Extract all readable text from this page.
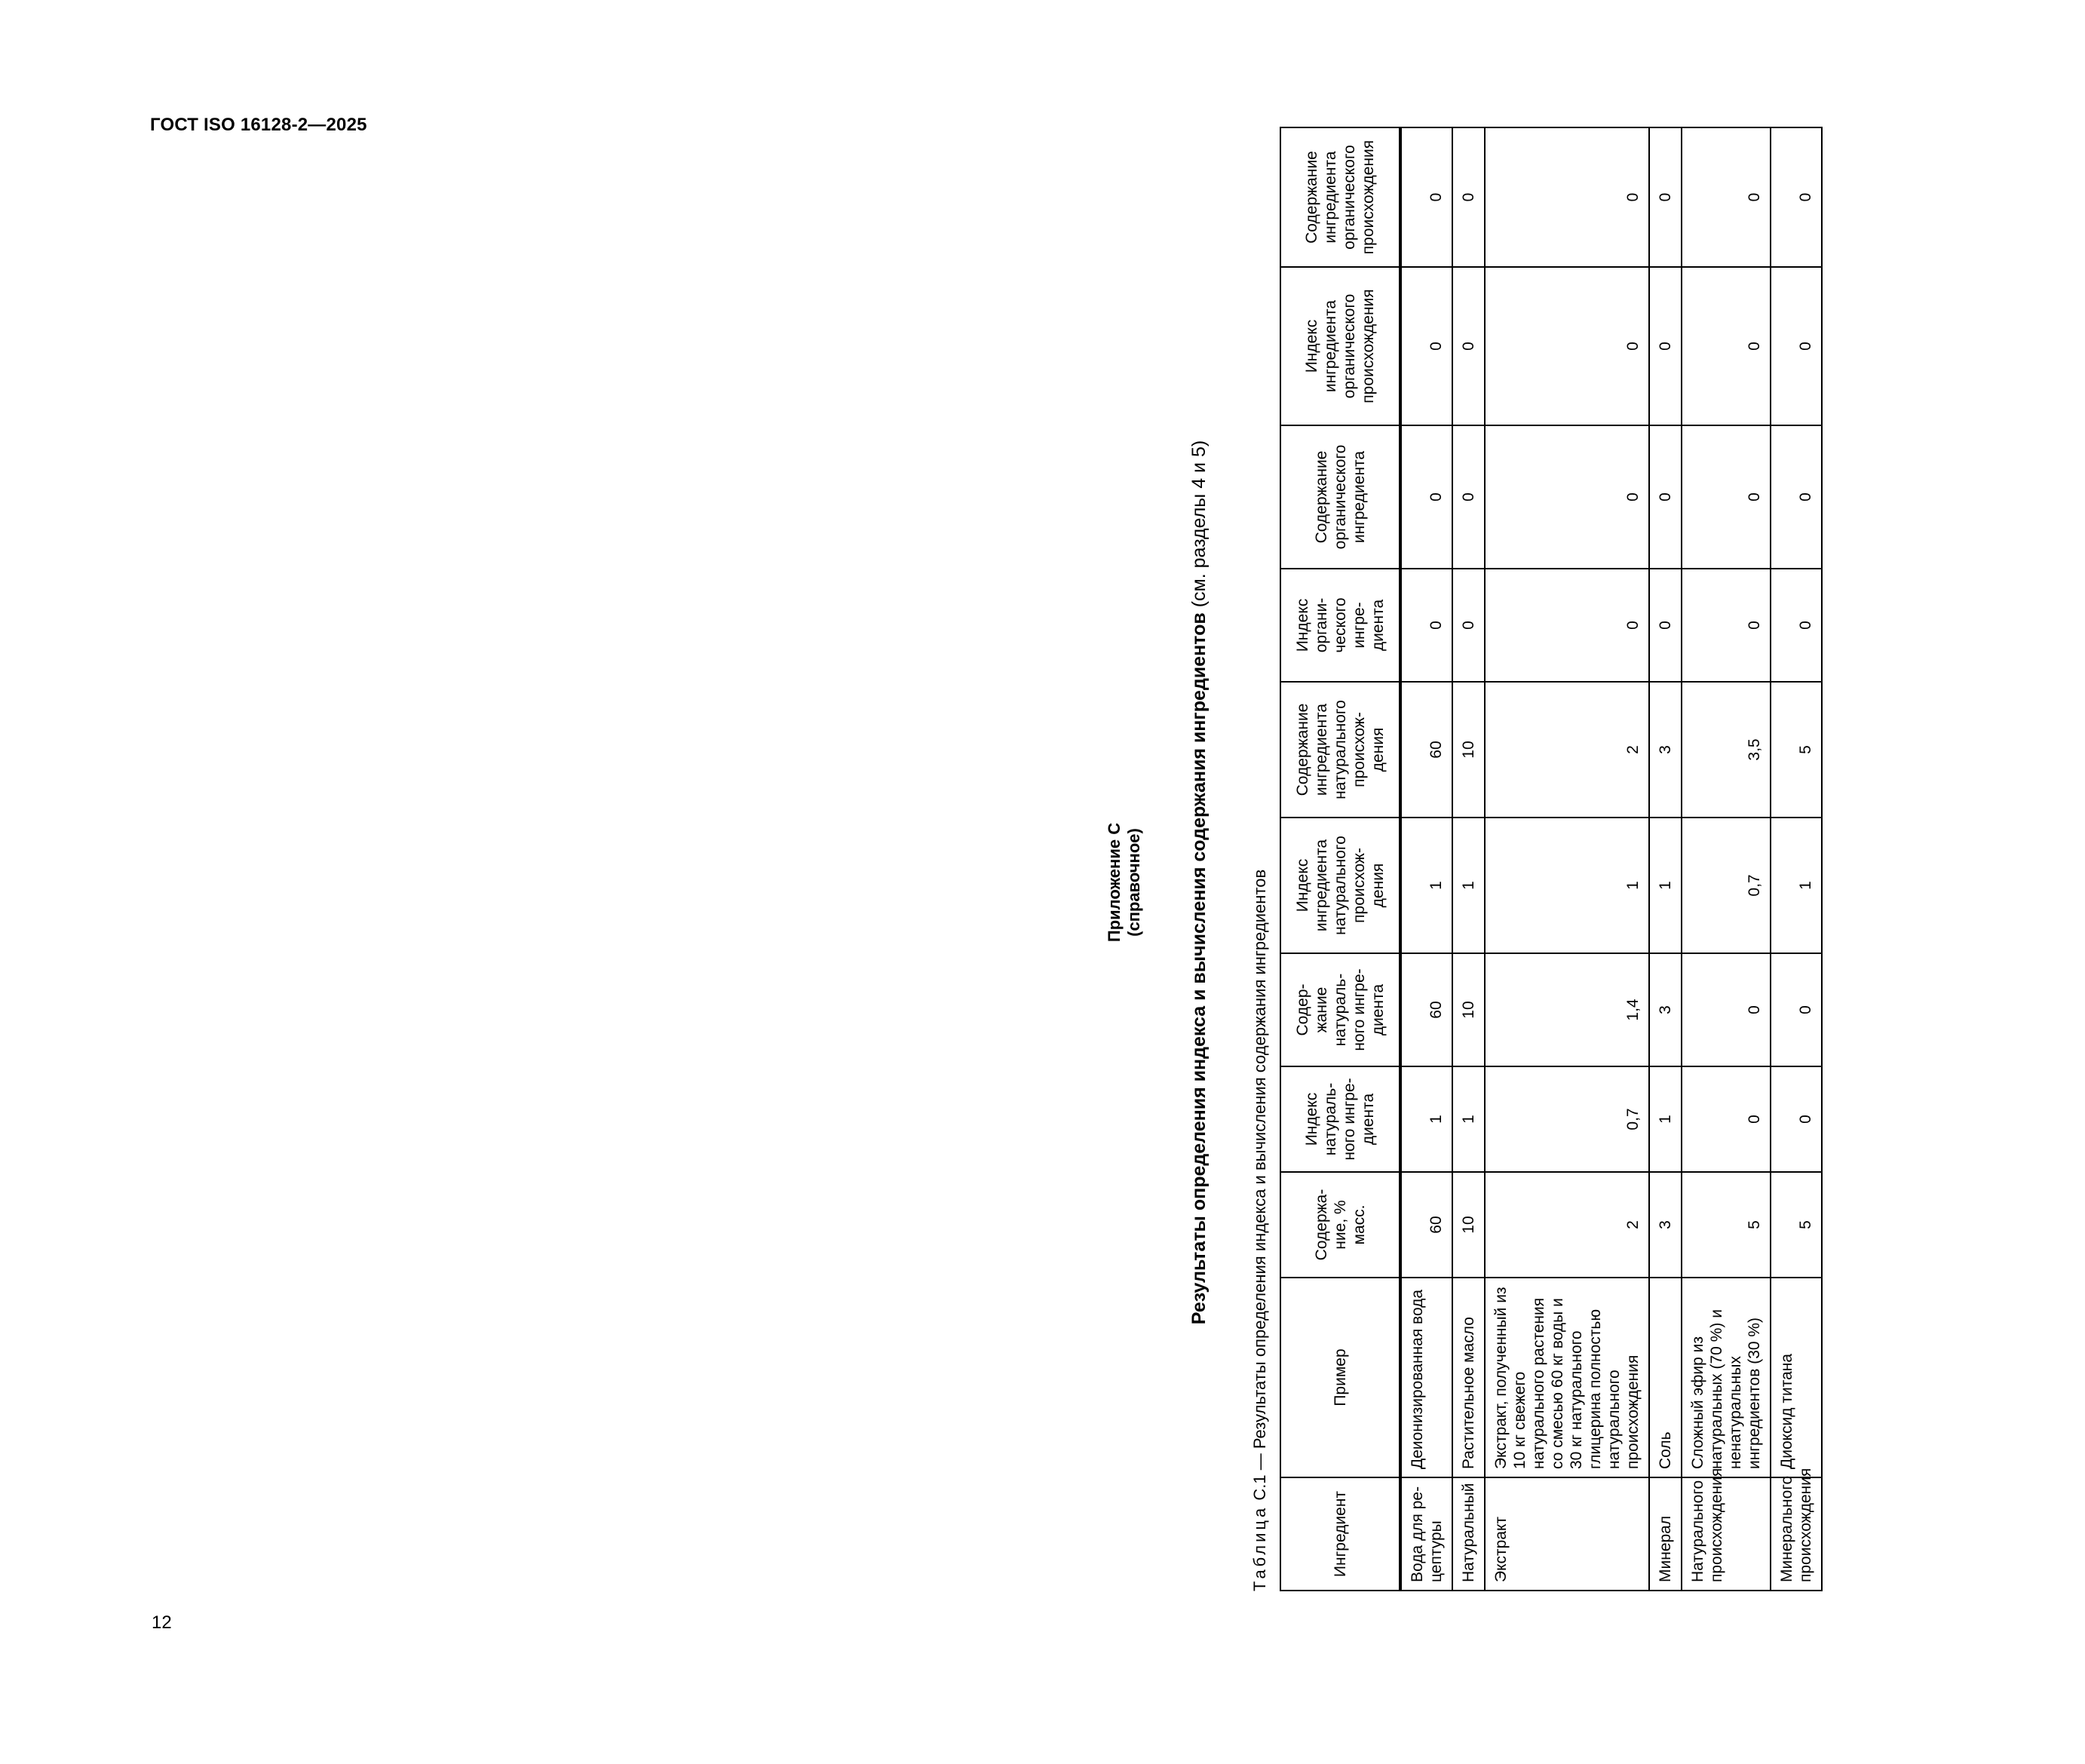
ГОСТ ISO 16128-2—2025
12
Приложение С (справочное) Результаты определения индекса и вычисления содержания ингредиентов (см. разделы 4 и 5)
Таблица С.1 — Результаты определения индекса и вычисления содержания ингредиентов
Ингредиент	Пример	Содержа-ние, % масс.	Индекс натураль-ного ингре-диента	Содер-жание натураль-ного ингре-диента	Индекс ингредиента натурального происхож-дения	Содержание ингредиента натурального происхож-дения	Индекс органи-ческого ингре-диента	Содержание органического ингредиента	Индекс ингредиента органического происхождения	Содержание ингредиента органического происхождения
Вода для ре-цептуры	Деионизированная вода	60	1	60	1	60	0	0	0	0
Натуральный	Растительное масло	10	1	10	1	10	0	0	0	0
Экстракт	Экстракт, полученный из 10 кг свежего натурального растения со смесью 60 кг воды и 30 кг натурального глицерина полностью натурального происхождения	2	0,7	1,4	1	2	0	0	0	0
Минерал	Соль	3	1	3	1	3	0	0	0	0
Натурального происхождения	Сложный эфир из натуральных (70 %) и ненатуральных ингредиентов (30 %)	5	0	0	0,7	3,5	0	0	0	0
Минерального происхождения	Диоксид титана	5	0	0	1	5	0	0	0	0
